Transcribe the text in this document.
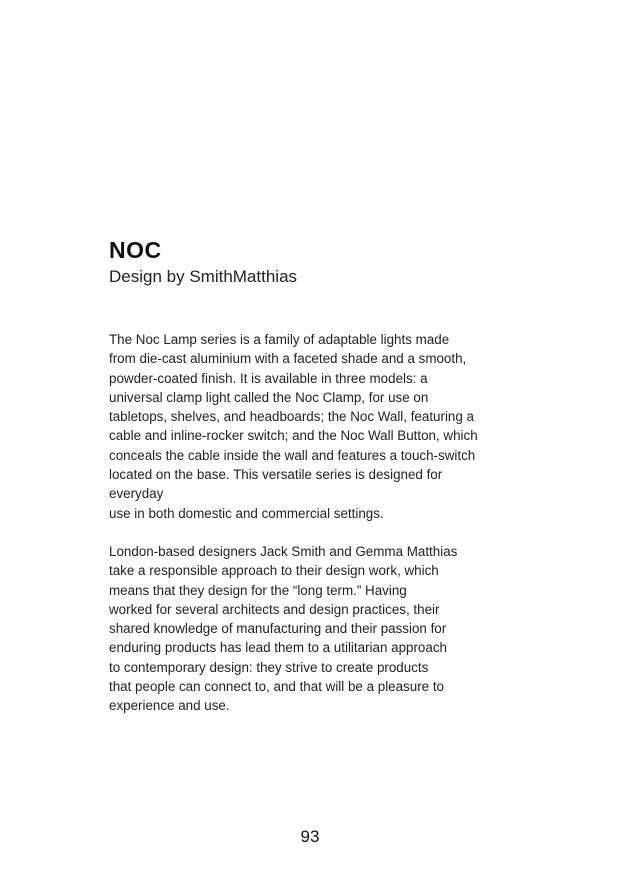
NOC
Design by SmithMatthias
The Noc Lamp series is a family of adaptable lights made
from die-cast aluminium with a faceted shade and a smooth,
powder-coated finish. It is available in three models: a
universal clamp light called the Noc Clamp, for use on
tabletops, shelves, and headboards; the Noc Wall, featuring a
cable and inline-rocker switch; and the Noc Wall Button, which
conceals the cable inside the wall and features a touch-switch
located on the base. This versatile series is designed for
everyday
use in both domestic and commercial settings.
London-based designers Jack Smith and Gemma Matthias
take a responsible approach to their design work, which
means that they design for the “long term.” Having
worked for several architects and design practices, their
shared knowledge of manufacturing and their passion for
enduring products has lead them to a utilitarian approach
to contemporary design: they strive to create products
that people can connect to, and that will be a pleasure to
experience and use.
93
